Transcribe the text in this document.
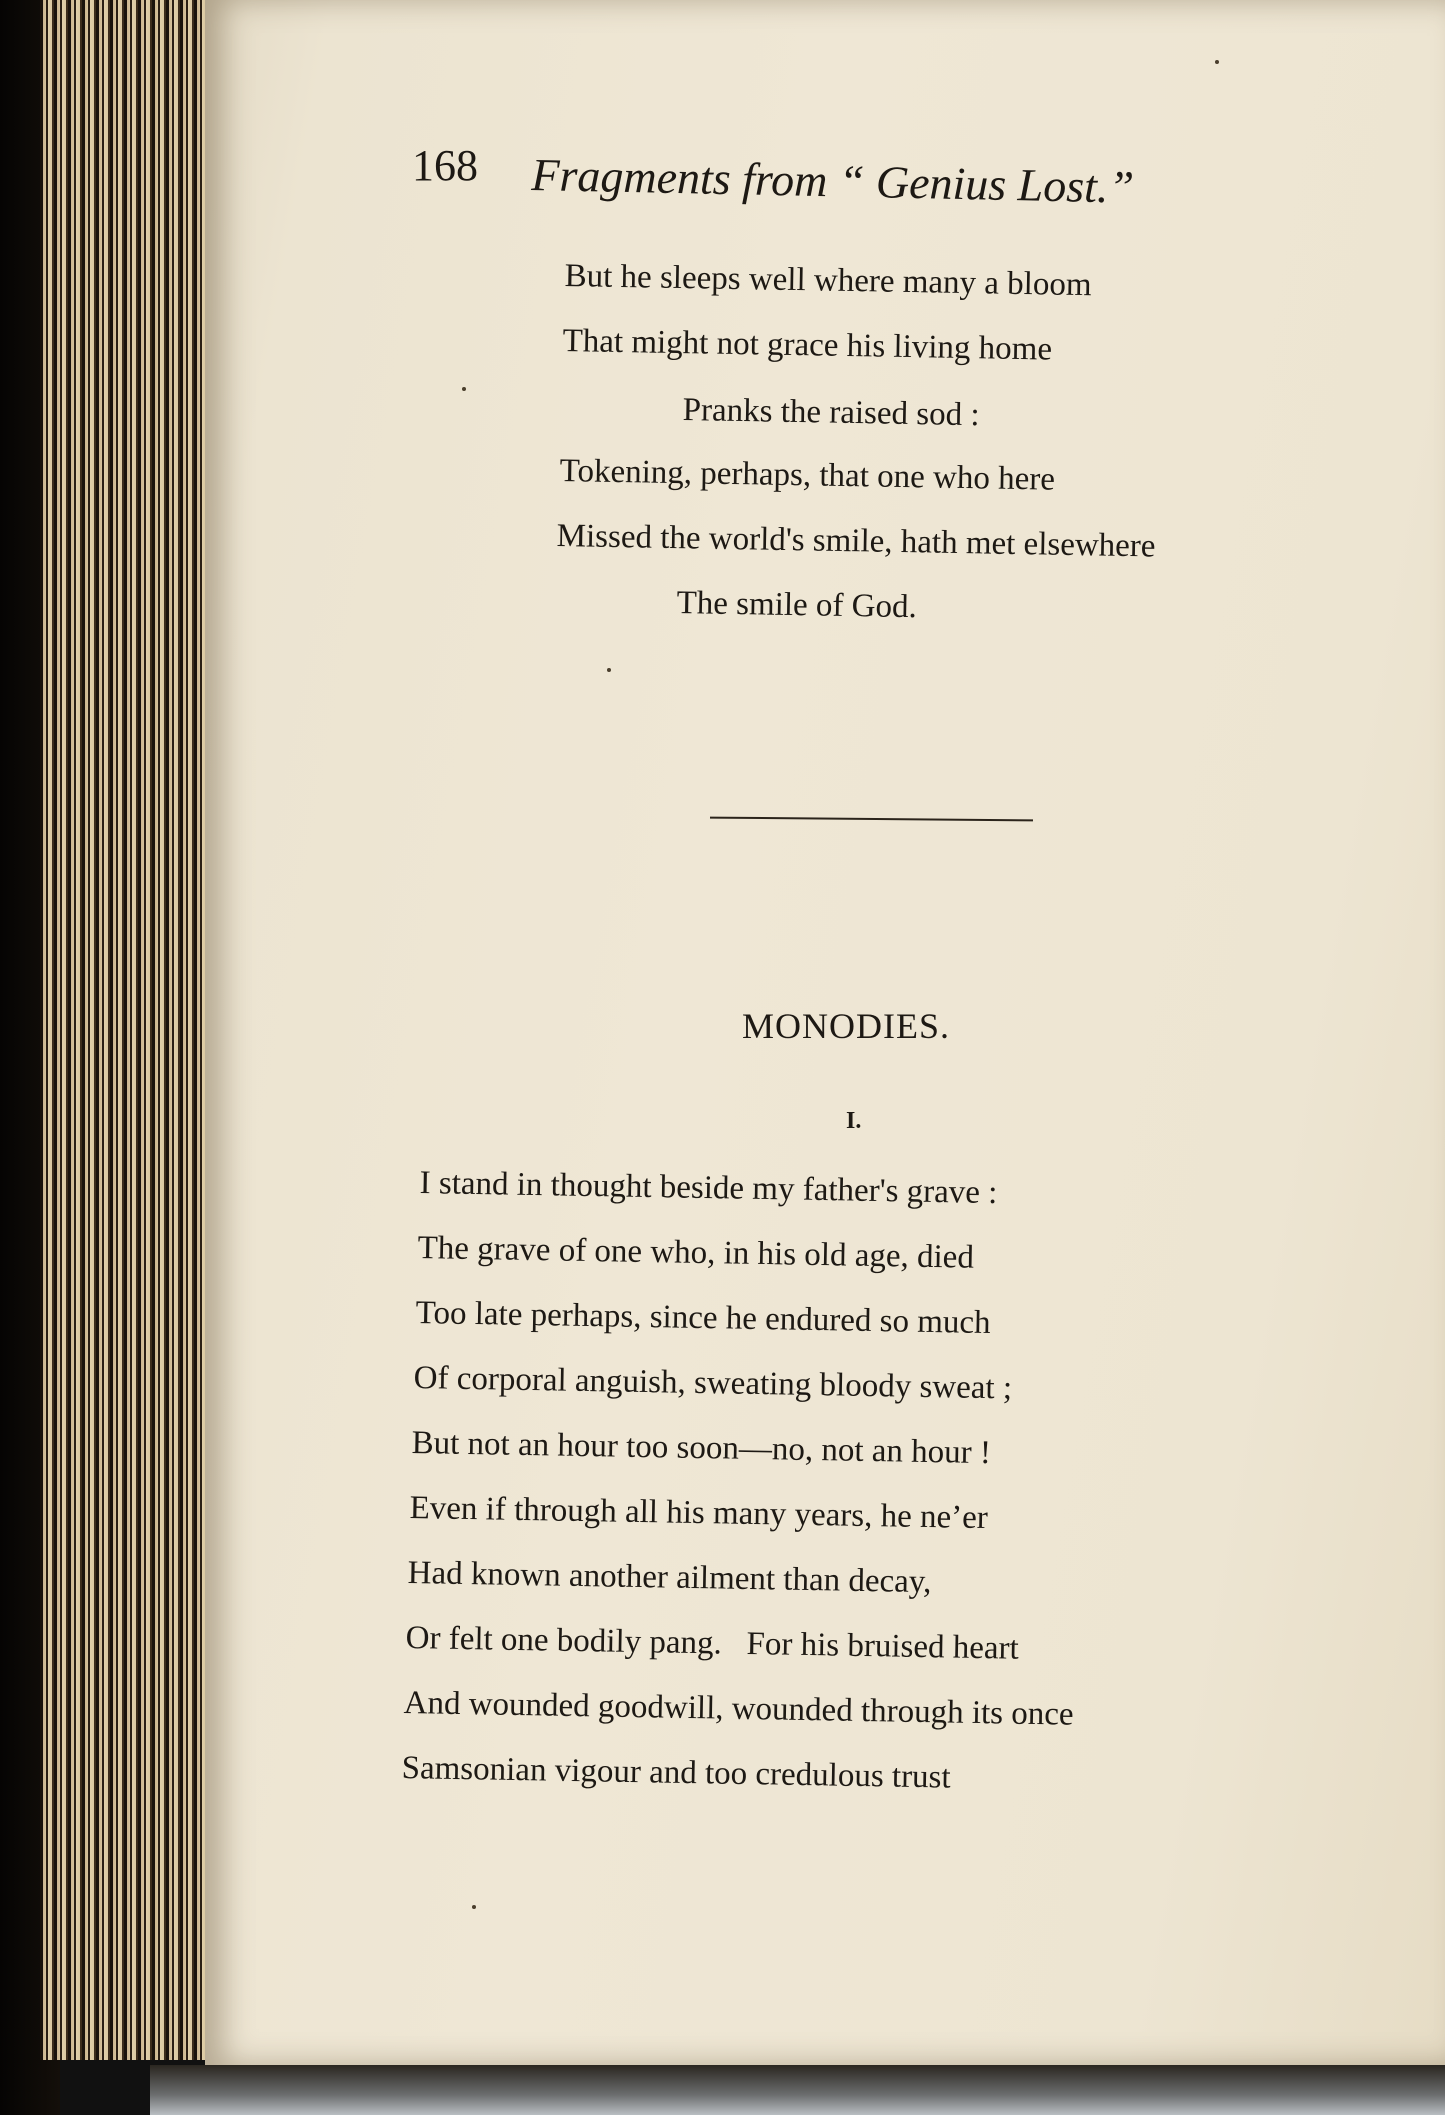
168 Fragments from “ Genius Lost.”
But he sleeps well where many a bloom
That might not grace his living home
Pranks the raised sod :
Tokening, perhaps, that one who here
Missed the world's smile, hath met elsewhere
The smile of God.
MONODIES.
I.
I stand in thought beside my father's grave :
The grave of one who, in his old age, died
Too late perhaps, since he endured so much
Of corporal anguish, sweating bloody sweat ;
But not an hour too soon—no, not an hour !
Even if through all his many years, he ne’er
Had known another ailment than decay,
Or felt one bodily pang.   For his bruised heart
And wounded goodwill, wounded through its once
Samsonian vigour and too credulous trust
